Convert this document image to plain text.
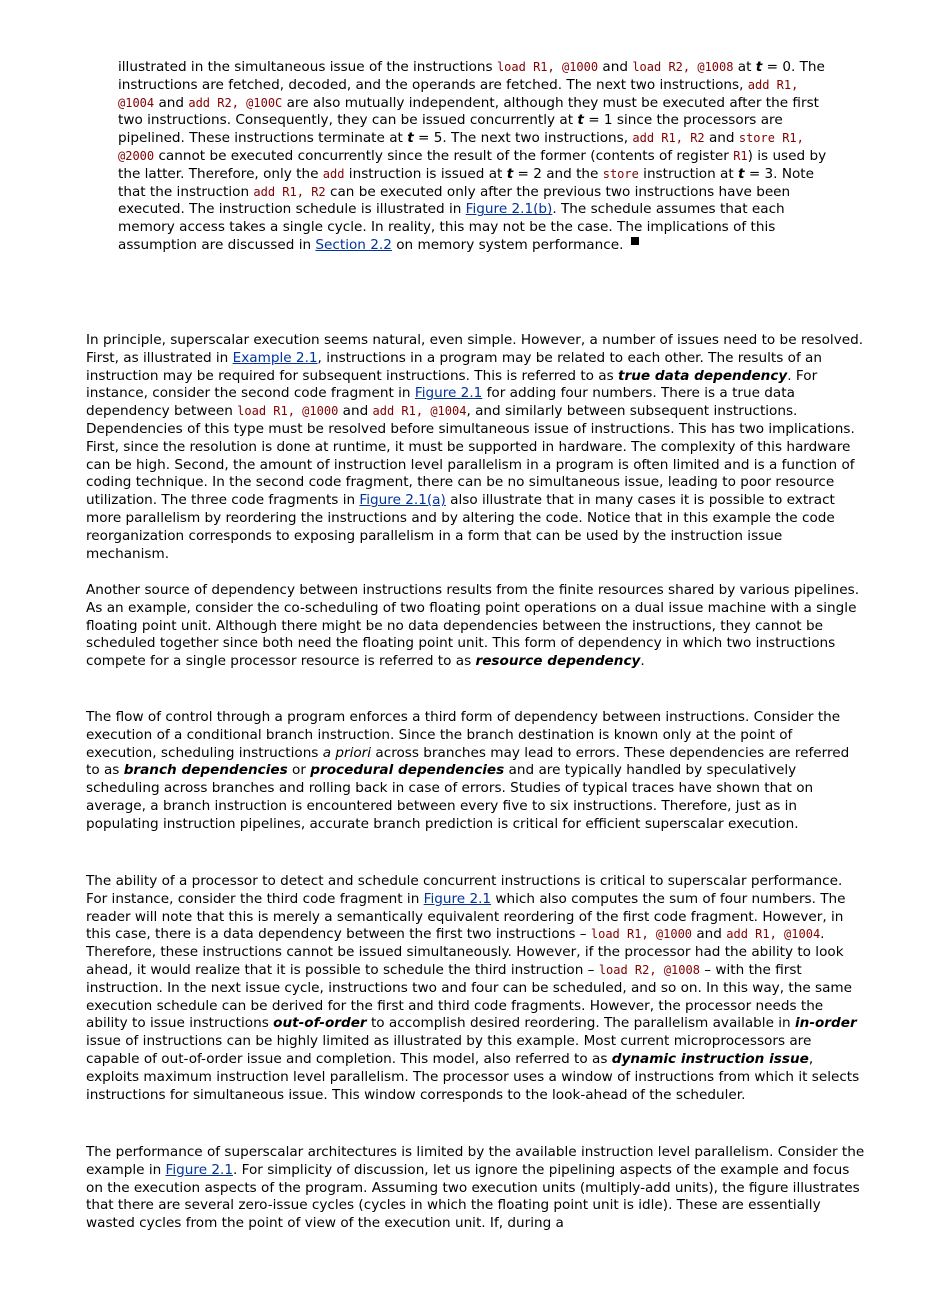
illustrated in the simultaneous issue of the instructions load R1, @1000 and load R2, @1008 at t = 0. The instructions are fetched, decoded, and the operands are fetched. The next two instructions, add R1, @1004 and add R2, @100C are also mutually independent, although they must be executed after the first two instructions. Consequently, they can be issued concurrently at t = 1 since the processors are pipelined. These instructions terminate at t = 5. The next two instructions, add R1, R2 and store R1, @2000 cannot be executed concurrently since the result of the former (contents of register R1) is used by the latter. Therefore, only the add instruction is issued at t = 2 and the store instruction at t = 3. Note that the instruction add R1, R2 can be executed only after the previous two instructions have been executed. The instruction schedule is illustrated in Figure 2.1(b). The schedule assumes that each memory access takes a single cycle. In reality, this may not be the case. The implications of this assumption are discussed in Section 2.2 on memory system performance.

In principle, superscalar execution seems natural, even simple. However, a number of issues need to be resolved. First, as illustrated in Example 2.1, instructions in a program may be related to each other. The results of an instruction may be required for subsequent instructions. This is referred to as true data dependency. For instance, consider the second code fragment in Figure 2.1 for adding four numbers. There is a true data dependency between load R1, @1000 and add R1, @1004, and similarly between subsequent instructions. Dependencies of this type must be resolved before simultaneous issue of instructions. This has two implications. First, since the resolution is done at runtime, it must be supported in hardware. The complexity of this hardware can be high. Second, the amount of instruction level parallelism in a program is often limited and is a function of coding technique. In the second code fragment, there can be no simultaneous issue, leading to poor resource utilization. The three code fragments in Figure 2.1(a) also illustrate that in many cases it is possible to extract more parallelism by reordering the instructions and by altering the code. Notice that in this example the code reorganization corresponds to exposing parallelism in a form that can be used by the instruction issue mechanism.

Another source of dependency between instructions results from the finite resources shared by various pipelines. As an example, consider the co-scheduling of two floating point operations on a dual issue machine with a single floating point unit. Although there might be no data dependencies between the instructions, they cannot be scheduled together since both need the floating point unit. This form of dependency in which two instructions compete for a single processor resource is referred to as resource dependency.

The flow of control through a program enforces a third form of dependency between instructions. Consider the execution of a conditional branch instruction. Since the branch destination is known only at the point of execution, scheduling instructions a priori across branches may lead to errors. These dependencies are referred to as branch dependencies or procedural dependencies and are typically handled by speculatively scheduling across branches and rolling back in case of errors. Studies of typical traces have shown that on average, a branch instruction is encountered between every five to six instructions. Therefore, just as in populating instruction pipelines, accurate branch prediction is critical for efficient superscalar execution.

The ability of a processor to detect and schedule concurrent instructions is critical to superscalar performance. For instance, consider the third code fragment in Figure 2.1 which also computes the sum of four numbers. The reader will note that this is merely a semantically equivalent reordering of the first code fragment. However, in this case, there is a data dependency between the first two instructions – load R1, @1000 and add R1, @1004. Therefore, these instructions cannot be issued simultaneously. However, if the processor had the ability to look ahead, it would realize that it is possible to schedule the third instruction – load R2, @1008 – with the first instruction. In the next issue cycle, instructions two and four can be scheduled, and so on. In this way, the same execution schedule can be derived for the first and third code fragments. However, the processor needs the ability to issue instructions out-of-order to accomplish desired reordering. The parallelism available in in-order issue of instructions can be highly limited as illustrated by this example. Most current microprocessors are capable of out-of-order issue and completion. This model, also referred to as dynamic instruction issue, exploits maximum instruction level parallelism. The processor uses a window of instructions from which it selects instructions for simultaneous issue. This window corresponds to the look-ahead of the scheduler.

The performance of superscalar architectures is limited by the available instruction level parallelism. Consider the example in Figure 2.1. For simplicity of discussion, let us ignore the pipelining aspects of the example and focus on the execution aspects of the program. Assuming two execution units (multiply-add units), the figure illustrates that there are several zero-issue cycles (cycles in which the floating point unit is idle). These are essentially wasted cycles from the point of view of the execution unit. If, during a
